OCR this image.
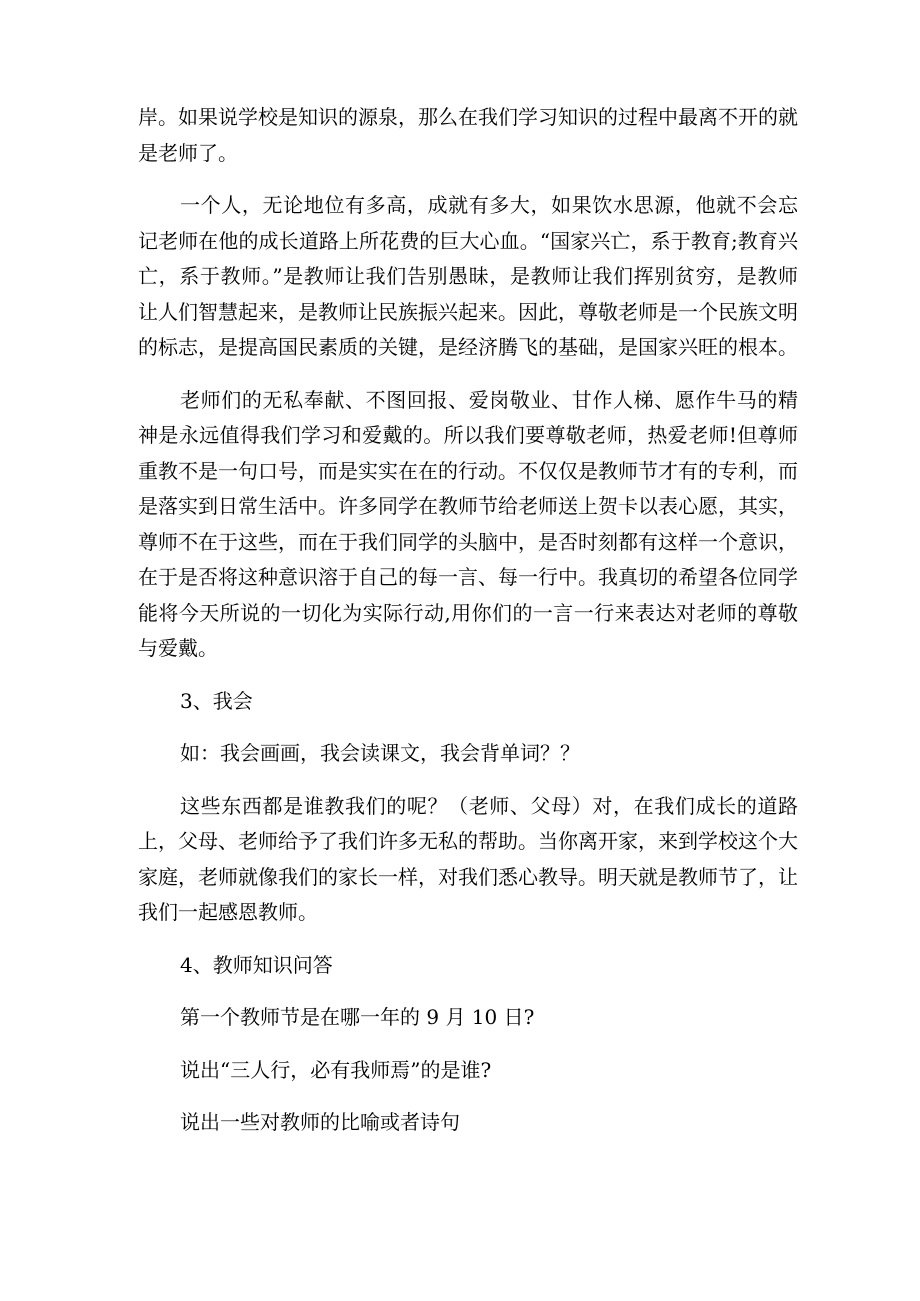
岸。如果说学校是知识的源泉，那么在我们学习知识的过程中最离不开的就是老师了。

一个人，无论地位有多高，成就有多大，如果饮水思源，他就不会忘记老师在他的成长道路上所花费的巨大心血。“国家兴亡，系于教育;教育兴亡，系于教师。”是教师让我们告别愚昧，是教师让我们挥别贫穷，是教师让人们智慧起来，是教师让民族振兴起来。因此，尊敬老师是一个民族文明的标志，是提高国民素质的关键，是经济腾飞的基础，是国家兴旺的根本。

老师们的无私奉献、不图回报、爱岗敬业、甘作人梯、愿作牛马的精神是永远值得我们学习和爱戴的。所以我们要尊敬老师，热爱老师!但尊师重教不是一句口号，而是实实在在的行动。不仅仅是教师节才有的专利，而是落实到日常生活中。许多同学在教师节给老师送上贺卡以表心愿，其实，尊师不在于这些，而在于我们同学的头脑中，是否时刻都有这样一个意识，在于是否将这种意识溶于自己的每一言、每一行中。我真切的希望各位同学能将今天所说的一切化为实际行动,用你们的一言一行来表达对老师的尊敬与爱戴。

3、我会

如：我会画画，我会读课文，我会背单词？？

这些东西都是谁教我们的呢？（老师、父母）对，在我们成长的道路上，父母、老师给予了我们许多无私的帮助。当你离开家，来到学校这个大家庭，老师就像我们的家长一样，对我们悉心教导。明天就是教师节了，让我们一起感恩教师。

4、教师知识问答

第一个教师节是在哪一年的 9 月 10 日?

说出“三人行，必有我师焉”的是谁?

说出一些对教师的比喻或者诗句
